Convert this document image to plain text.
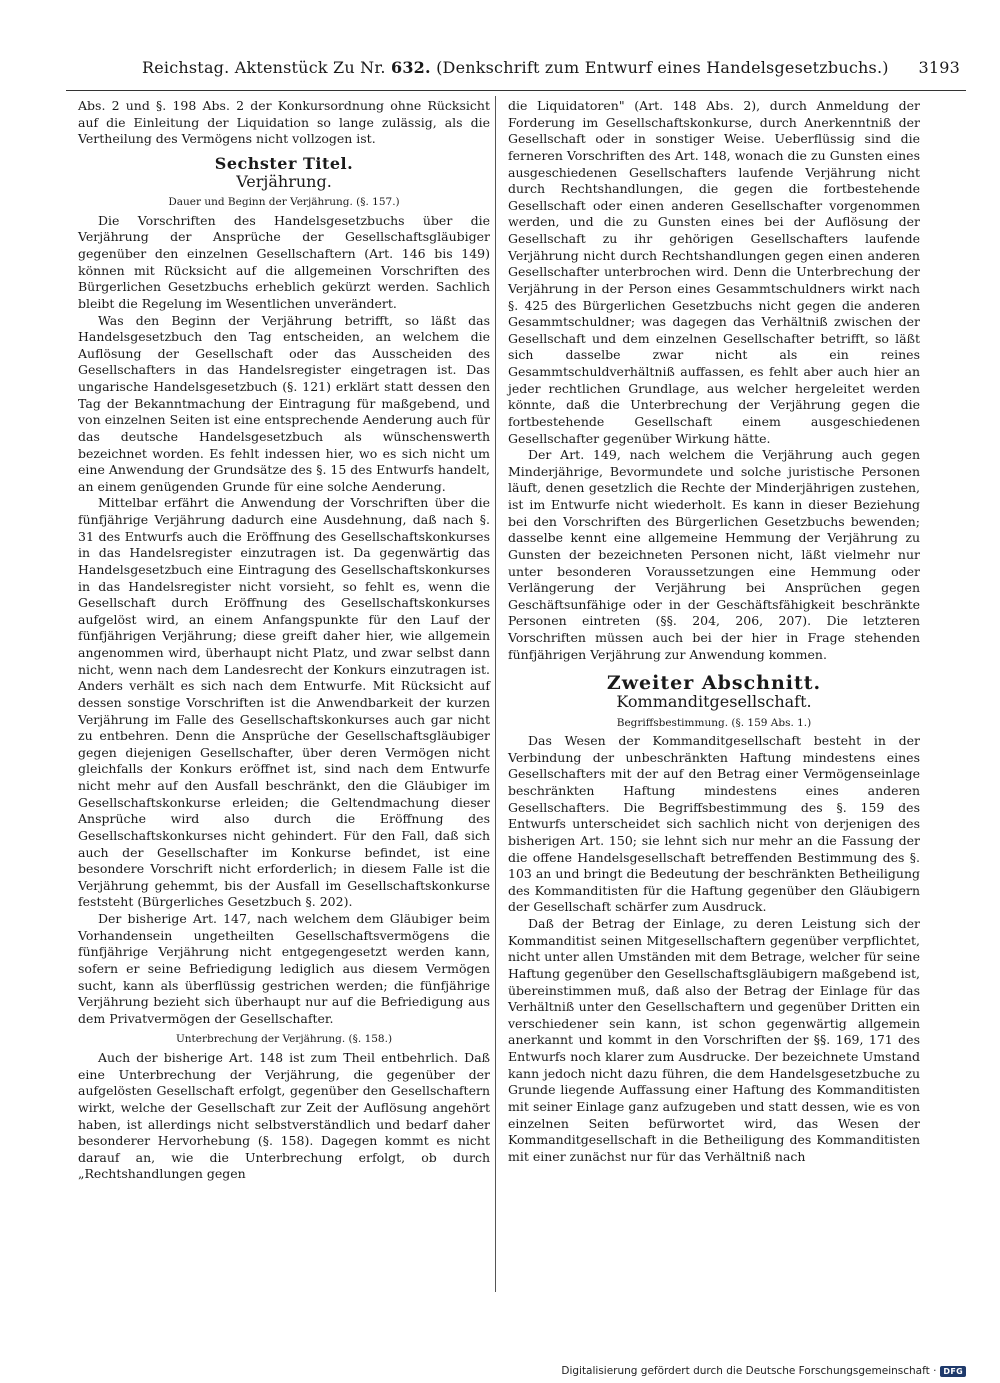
Reichstag. Aktenstück Zu Nr. 632. (Denkschrift zum Entwurf eines Handelsgesetzbuchs.) 3193

Abs. 2 und §. 198 Abs. 2 der Konkursordnung ohne Rücksicht auf die Einleitung der Liquidation so lange zulässig, als die Vertheilung des Vermögens nicht vollzogen ist.

Sechster Titel.
Verjährung.
Dauer und Beginn der Verjährung. (§. 157.)

Die Vorschriften des Handelsgesetzbuchs über die Verjährung der Ansprüche der Gesellschaftsgläubiger gegenüber den einzelnen Gesellschaftern (Art. 146 bis 149) können mit Rücksicht auf die allgemeinen Vorschriften des Bürgerlichen Gesetzbuchs erheblich gekürzt werden. Sachlich bleibt die Regelung im Wesentlichen unverändert.

Was den Beginn der Verjährung betrifft, so läßt das Handelsgesetzbuch den Tag entscheiden, an welchem die Auflösung der Gesellschaft oder das Ausscheiden des Gesellschafters in das Handelsregister eingetragen ist. Das ungarische Handelsgesetzbuch (§. 121) erklärt statt dessen den Tag der Bekanntmachung der Eintragung für maßgebend, und von einzelnen Seiten ist eine entsprechende Aenderung auch für das deutsche Handelsgesetzbuch als wünschenswerth bezeichnet worden. Es fehlt indessen hier, wo es sich nicht um eine Anwendung der Grundsätze des §. 15 des Entwurfs handelt, an einem genügenden Grunde für eine solche Aenderung.

Mittelbar erfährt die Anwendung der Vorschriften über die fünfjährige Verjährung dadurch eine Ausdehnung, daß nach §. 31 des Entwurfs auch die Eröffnung des Gesellschaftskonkurses in das Handelsregister einzutragen ist. Da gegenwärtig das Handelsgesetzbuch eine Eintragung des Gesellschaftskonkurses in das Handelsregister nicht vorsieht, so fehlt es, wenn die Gesellschaft durch Eröffnung des Gesellschaftskonkurses aufgelöst wird, an einem Anfangspunkte für den Lauf der fünfjährigen Verjährung; diese greift daher hier, wie allgemein angenommen wird, überhaupt nicht Platz, und zwar selbst dann nicht, wenn nach dem Landesrecht der Konkurs einzutragen ist. Anders verhält es sich nach dem Entwurfe. Mit Rücksicht auf dessen sonstige Vorschriften ist die Anwendbarkeit der kurzen Verjährung im Falle des Gesellschaftskonkurses auch gar nicht zu entbehren. Denn die Ansprüche der Gesellschaftsgläubiger gegen diejenigen Gesellschafter, über deren Vermögen nicht gleichfalls der Konkurs eröffnet ist, sind nach dem Entwurfe nicht mehr auf den Ausfall beschränkt, den die Gläubiger im Gesellschaftskonkurse erleiden; die Geltendmachung dieser Ansprüche wird also durch die Eröffnung des Gesellschaftskonkurses nicht gehindert. Für den Fall, daß sich auch der Gesellschafter im Konkurse befindet, ist eine besondere Vorschrift nicht erforderlich; in diesem Falle ist die Verjährung gehemmt, bis der Ausfall im Gesellschaftskonkurse feststeht (Bürgerliches Gesetzbuch §. 202).

Der bisherige Art. 147, nach welchem dem Gläubiger beim Vorhandensein ungetheilten Gesellschaftsvermögens die fünfjährige Verjährung nicht entgegengesetzt werden kann, sofern er seine Befriedigung lediglich aus diesem Vermögen sucht, kann als überflüssig gestrichen werden; die fünfjährige Verjährung bezieht sich überhaupt nur auf die Befriedigung aus dem Privatvermögen der Gesellschafter.

Unterbrechung der Verjährung. (§. 158.)

Auch der bisherige Art. 148 ist zum Theil entbehrlich. Daß eine Unterbrechung der Verjährung, die gegenüber der aufgelösten Gesellschaft erfolgt, gegenüber den Gesellschaftern wirkt, welche der Gesellschaft zur Zeit der Auflösung angehört haben, ist allerdings nicht selbstverständlich und bedarf daher besonderer Hervorhebung (§. 158). Dagegen kommt es nicht darauf an, wie die Unterbrechung erfolgt, ob durch „Rechtshandlungen gegen

die Liquidatoren" (Art. 148 Abs. 2), durch Anmeldung der Forderung im Gesellschaftskonkurse, durch Anerkenntniß der Gesellschaft oder in sonstiger Weise. Ueberflüssig sind die ferneren Vorschriften des Art. 148, wonach die zu Gunsten eines ausgeschiedenen Gesellschafters laufende Verjährung nicht durch Rechtshandlungen, die gegen die fortbestehende Gesellschaft oder einen anderen Gesellschafter vorgenommen werden, und die zu Gunsten eines bei der Auflösung der Gesellschaft zu ihr gehörigen Gesellschafters laufende Verjährung nicht durch Rechtshandlungen gegen einen anderen Gesellschafter unterbrochen wird. Denn die Unterbrechung der Verjährung in der Person eines Gesammtschuldners wirkt nach §. 425 des Bürgerlichen Gesetzbuchs nicht gegen die anderen Gesammtschuldner; was dagegen das Verhältniß zwischen der Gesellschaft und dem einzelnen Gesellschafter betrifft, so läßt sich dasselbe zwar nicht als ein reines Gesammtschuldverhältniß auffassen, es fehlt aber auch hier an jeder rechtlichen Grundlage, aus welcher hergeleitet werden könnte, daß die Unterbrechung der Verjährung gegen die fortbestehende Gesellschaft einem ausgeschiedenen Gesellschafter gegenüber Wirkung hätte.

Der Art. 149, nach welchem die Verjährung auch gegen Minderjährige, Bevormundete und solche juristische Personen läuft, denen gesetzlich die Rechte der Minderjährigen zustehen, ist im Entwurfe nicht wiederholt. Es kann in dieser Beziehung bei den Vorschriften des Bürgerlichen Gesetzbuchs bewenden; dasselbe kennt eine allgemeine Hemmung der Verjährung zu Gunsten der bezeichneten Personen nicht, läßt vielmehr nur unter besonderen Voraussetzungen eine Hemmung oder Verlängerung der Verjährung bei Ansprüchen gegen Geschäftsunfähige oder in der Geschäftsfähigkeit beschränkte Personen eintreten (§§. 204, 206, 207). Die letzteren Vorschriften müssen auch bei der hier in Frage stehenden fünfjährigen Verjährung zur Anwendung kommen.

Zweiter Abschnitt.
Kommanditgesellschaft.
Begriffsbestimmung. (§. 159 Abs. 1.)

Das Wesen der Kommanditgesellschaft besteht in der Verbindung der unbeschränkten Haftung mindestens eines Gesellschafters mit der auf den Betrag einer Vermögenseinlage beschränkten Haftung mindestens eines anderen Gesellschafters. Die Begriffsbestimmung des §. 159 des Entwurfs unterscheidet sich sachlich nicht von derjenigen des bisherigen Art. 150; sie lehnt sich nur mehr an die Fassung der die offene Handelsgesellschaft betreffenden Bestimmung des §. 103 an und bringt die Bedeutung der beschränkten Betheiligung des Kommanditisten für die Haftung gegenüber den Gläubigern der Gesellschaft schärfer zum Ausdruck.

Daß der Betrag der Einlage, zu deren Leistung sich der Kommanditist seinen Mitgesellschaftern gegenüber verpflichtet, nicht unter allen Umständen mit dem Betrage, welcher für seine Haftung gegenüber den Gesellschaftsgläubigern maßgebend ist, übereinstimmen muß, daß also der Betrag der Einlage für das Verhältniß unter den Gesellschaftern und gegenüber Dritten ein verschiedener sein kann, ist schon gegenwärtig allgemein anerkannt und kommt in den Vorschriften der §§. 169, 171 des Entwurfs noch klarer zum Ausdrucke. Der bezeichnete Umstand kann jedoch nicht dazu führen, die dem Handelsgesetzbuche zu Grunde liegende Auffassung einer Haftung des Kommanditisten mit seiner Einlage ganz aufzugeben und statt dessen, wie es von einzelnen Seiten befürwortet wird, das Wesen der Kommanditgesellschaft in die Betheiligung des Kommanditisten mit einer zunächst nur für das Verhältniß nach

Digitalisierung gefördert durch die Deutsche Forschungsgemeinschaft · DFG
